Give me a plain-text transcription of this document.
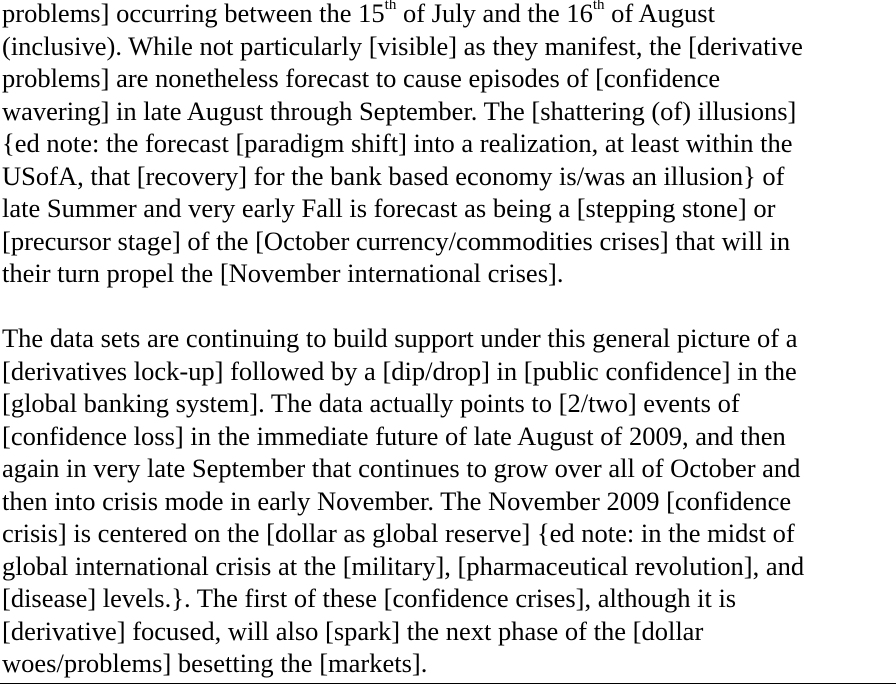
problems] occurring between the 15th of July and the 16th of August
(inclusive). While not particularly [visible] as they manifest, the [derivative
problems] are nonetheless forecast to cause episodes of [confidence
wavering] in late August through September. The [shattering (of) illusions]
{ed note: the forecast [paradigm shift] into a realization, at least within the
USofA, that [recovery] for the bank based economy is/was an illusion} of
late Summer and very early Fall is forecast as being a [stepping stone] or
[precursor stage] of the [October currency/commodities crises] that will in
their turn propel the [November international crises].
The data sets are continuing to build support under this general picture of a
[derivatives lock-up] followed by a [dip/drop] in [public confidence] in the
[global banking system]. The data actually points to [2/two] events of
[confidence loss] in the immediate future of late August of 2009, and then
again in very late September that continues to grow over all of October and
then into crisis mode in early November. The November 2009 [confidence
crisis] is centered on the [dollar as global reserve] {ed note: in the midst of
global international crisis at the [military], [pharmaceutical revolution], and
[disease] levels.}. The first of these [confidence crises], although it is
[derivative] focused, will also [spark] the next phase of the [dollar
woes/problems] besetting the [markets].
